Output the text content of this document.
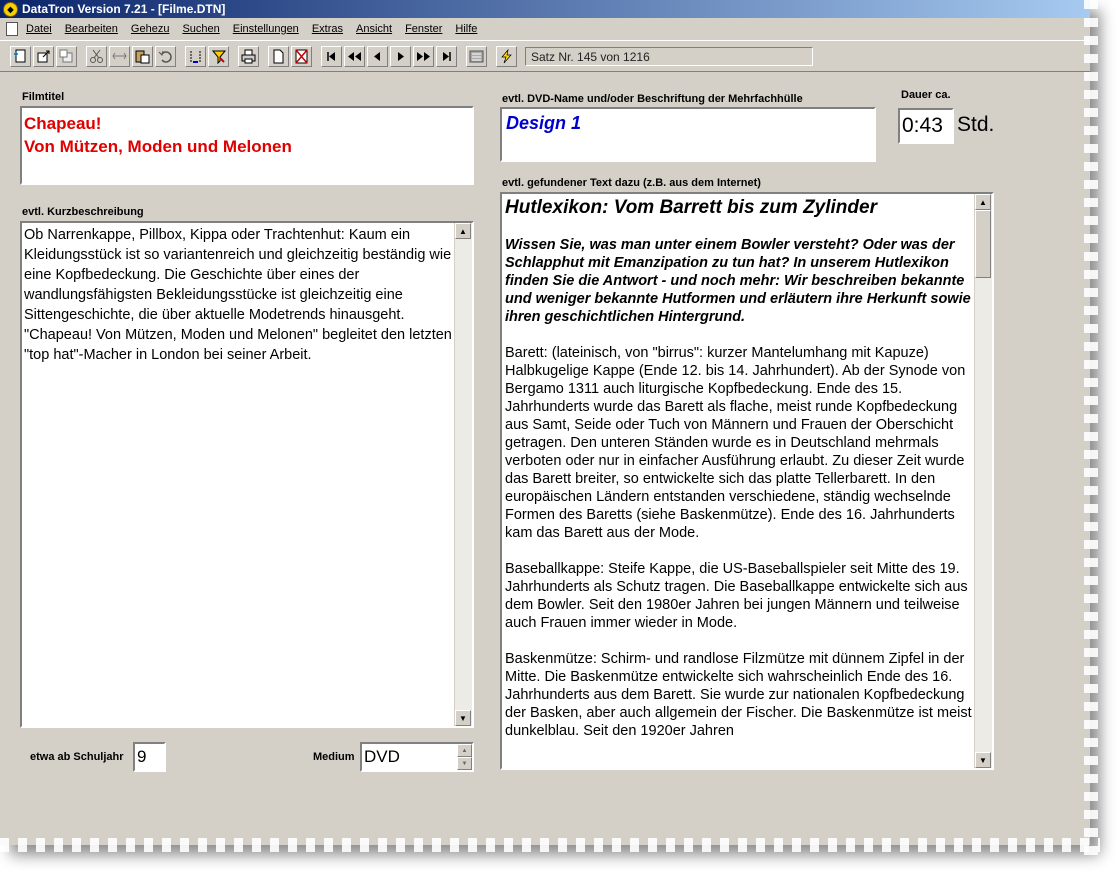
◆ DataTron Version 7.21 - [Filme.DTN]
Datei Bearbeiten Gehezu Suchen Einstellungen Extras Ansicht Fenster Hilfe
Satz Nr. 145 von 1216
Filmtitel
Chapeau!
Von Mützen, Moden und Melonen
evtl. DVD-Name und/oder Beschriftung der Mehrfachhülle
Design 1
Dauer ca.
0:43 Std.
evtl. Kurzbeschreibung
Ob Narrenkappe, Pillbox, Kippa oder Trachtenhut: Kaum ein Kleidungsstück ist so variantenreich und gleichzeitig beständig wie eine Kopfbedeckung. Die Geschichte über eines der wandlungsfähigsten Bekleidungsstücke ist gleichzeitig eine Sittengeschichte, die über aktuelle Modetrends hinausgeht.
"Chapeau! Von Mützen, Moden und Melonen" begleitet den letzten "top hat"-Macher in London bei seiner Arbeit.
▲
▼
evtl. gefundener Text dazu (z.B. aus dem Internet)
Hutlexikon: Vom Barrett bis zum Zylinder
Wissen Sie, was man unter einem Bowler versteht? Oder was der Schlapphut mit Emanzipation zu tun hat? In unserem Hutlexikon finden Sie die Antwort - und noch mehr: Wir beschreiben bekannte und weniger bekannte Hutformen und erläutern ihre Herkunft sowie ihren geschichtlichen Hintergrund.

Barett: (lateinisch, von "birrus": kurzer Mantelumhang mit Kapuze) Halbkugelige Kappe (Ende 12. bis 14. Jahrhundert). Ab der Synode von Bergamo 1311 auch liturgische Kopfbedeckung. Ende des 15. Jahrhunderts wurde das Barett als flache, meist runde Kopfbedeckung aus Samt, Seide oder Tuch von Männern und Frauen der Oberschicht getragen. Den unteren Ständen wurde es in Deutschland mehrmals verboten oder nur in einfacher Ausführung erlaubt. Zu dieser Zeit wurde das Barett breiter, so entwickelte sich das platte Tellerbarett. In den europäischen Ländern entstanden verschiedene, ständig wechselnde Formen des Baretts (siehe Baskenmütze). Ende des 16. Jahrhunderts kam das Barett aus der Mode.

Baseballkappe: Steife Kappe, die US-Baseballspieler seit Mitte des 19. Jahrhunderts als Schutz tragen. Die Baseballkappe entwickelte sich aus dem Bowler. Seit den 1980er Jahren bei jungen Männern und teilweise auch Frauen immer wieder in Mode.

Baskenmütze: Schirm- und randlose Filzmütze mit dünnem Zipfel in der Mitte. Die Baskenmütze entwickelte sich wahrscheinlich Ende des 16. Jahrhunderts aus dem Barett. Sie wurde zur nationalen Kopfbedeckung der Basken, aber auch allgemein der Fischer. Die Baskenmütze ist meist dunkelblau. Seit den 1920er Jahren

▲
▼
etwa ab Schuljahr 9	Medium DVD	▲
▼
